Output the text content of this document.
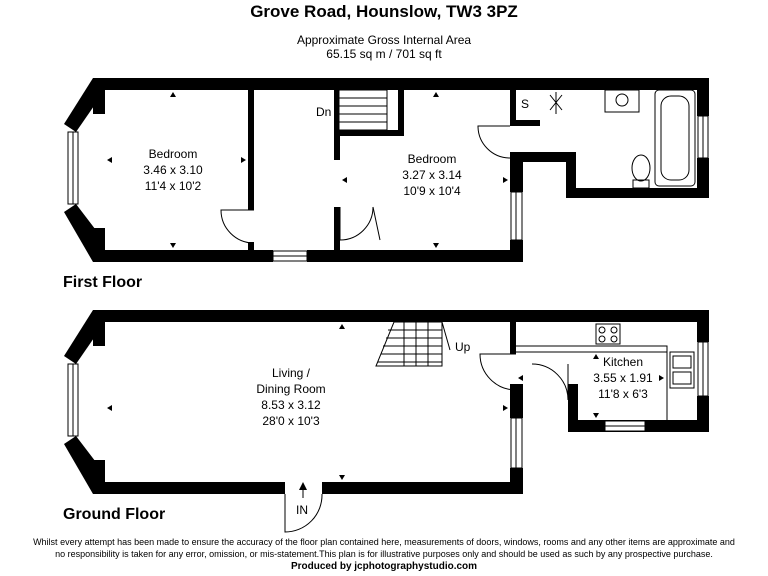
Grove Road, Hounslow, TW3 3PZ
Approximate Gross Internal Area
65.15 sq m / 701 sq ft
Bedroom
3.46 x 3.10
11'4 x 10'2
Bedroom
3.27 x 3.14
10'9 x 10'4
Dn
S
First Floor
Living /
Dining Room
8.53 x 3.12
28'0 x 10'3
Kitchen
3.55 x 1.91
11'8 x 6'3
Up
IN
Ground Floor
Whilst every attempt has been made to ensure the accuracy of the floor plan contained here, measurements of doors, windows, rooms and any other items are approximate and
no responsibility is taken for any error, omission, or mis-statement.This plan is for illustrative purposes only and should be used as such by any prospective purchase.
Produced by jcphotographystudio.com
